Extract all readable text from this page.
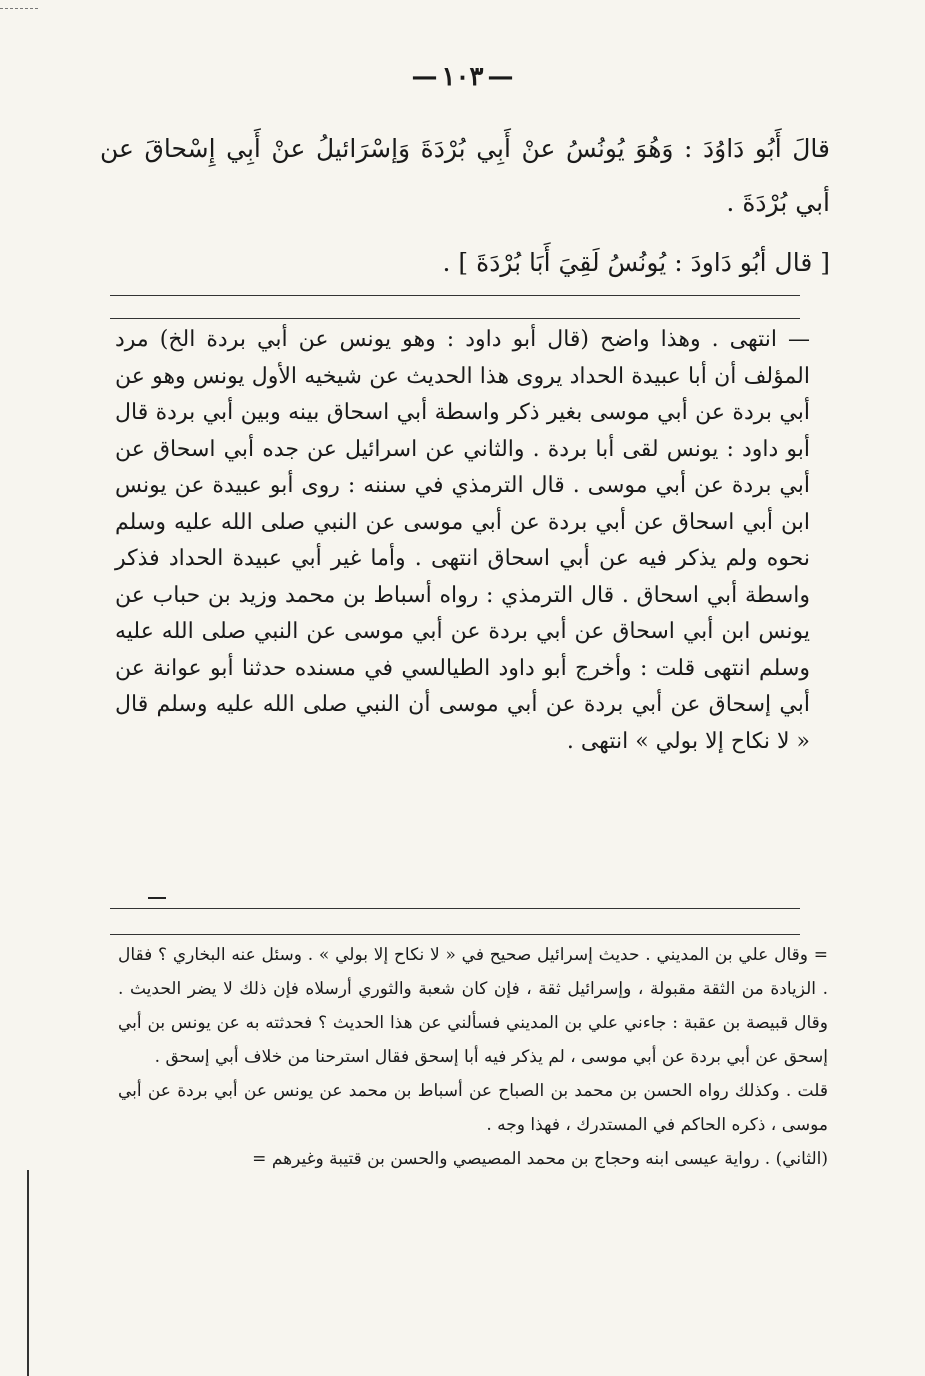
— ١٠٣ —

قالَ أَبُو دَاوُدَ : وَهُوَ يُونُسُ عنْ أَبِي بُرْدَةَ وَإسْرَائيلُ عنْ أَبِي إِسْحاقَ عن أبي بُرْدَةَ .

[ قال أبُو دَاودَ : يُونُسُ لَقِيَ أَبَا بُرْدَةَ ] .

— انتهى . وهذا واضح (قال أبو داود : وهو يونس عن أبي بردة الخ) مرد المؤلف أن أبا عبيدة الحداد يروى هذا الحديث عن شيخيه الأول يونس وهو عن أبي بردة عن أبي موسى بغير ذكر واسطة أبي اسحاق بينه وبين أبي بردة قال أبو داود : يونس لقى أبا بردة . والثاني عن اسرائيل عن جده أبي اسحاق عن أبي بردة عن أبي موسى . قال الترمذي في سننه : روى أبو عبيدة عن يونس ابن أبي اسحاق عن أبي بردة عن أبي موسى عن النبي صلى الله عليه وسلم نحوه ولم يذكر فيه عن أبي اسحاق انتهى . وأما غير أبي عبيدة الحداد فذكر واسطة أبي اسحاق . قال الترمذي : رواه أسباط بن محمد وزيد بن حباب عن يونس ابن أبي اسحاق عن أبي بردة عن أبي موسى عن النبي صلى الله عليه وسلم انتهى قلت : وأخرج أبو داود الطيالسي في مسنده حدثنا أبو عوانة عن أبي إسحاق عن أبي بردة عن أبي موسى أن النبي صلى الله عليه وسلم قال « لا نكاح إلا بولي » انتهى .

= وقال علي بن المديني . حديث إسرائيل صحيح في « لا نكاح إلا بولي » . وسئل عنه البخاري ؟ فقال . الزيادة من الثقة مقبولة ، وإسرائيل ثقة ، فإن كان شعبة والثوري أرسلاه فإن ذلك لا يضر الحديث . وقال قبيصة بن عقبة : جاءني علي بن المديني فسألني عن هذا الحديث ؟ فحدثته به عن يونس بن أبي إسحق عن أبي بردة عن أبي موسى ، لم يذكر فيه أبا إسحق فقال استرحنا من خلاف أبي إسحق .

قلت . وكذلك رواه الحسن بن محمد بن الصباح عن أسباط بن محمد عن يونس عن أبي بردة عن أبي موسى ، ذكره الحاكم في المستدرك ، فهذا وجه .

(الثاني) . رواية عيسى ابنه وحجاج بن محمد المصيصي والحسن بن قتيبة وغيرهم =
